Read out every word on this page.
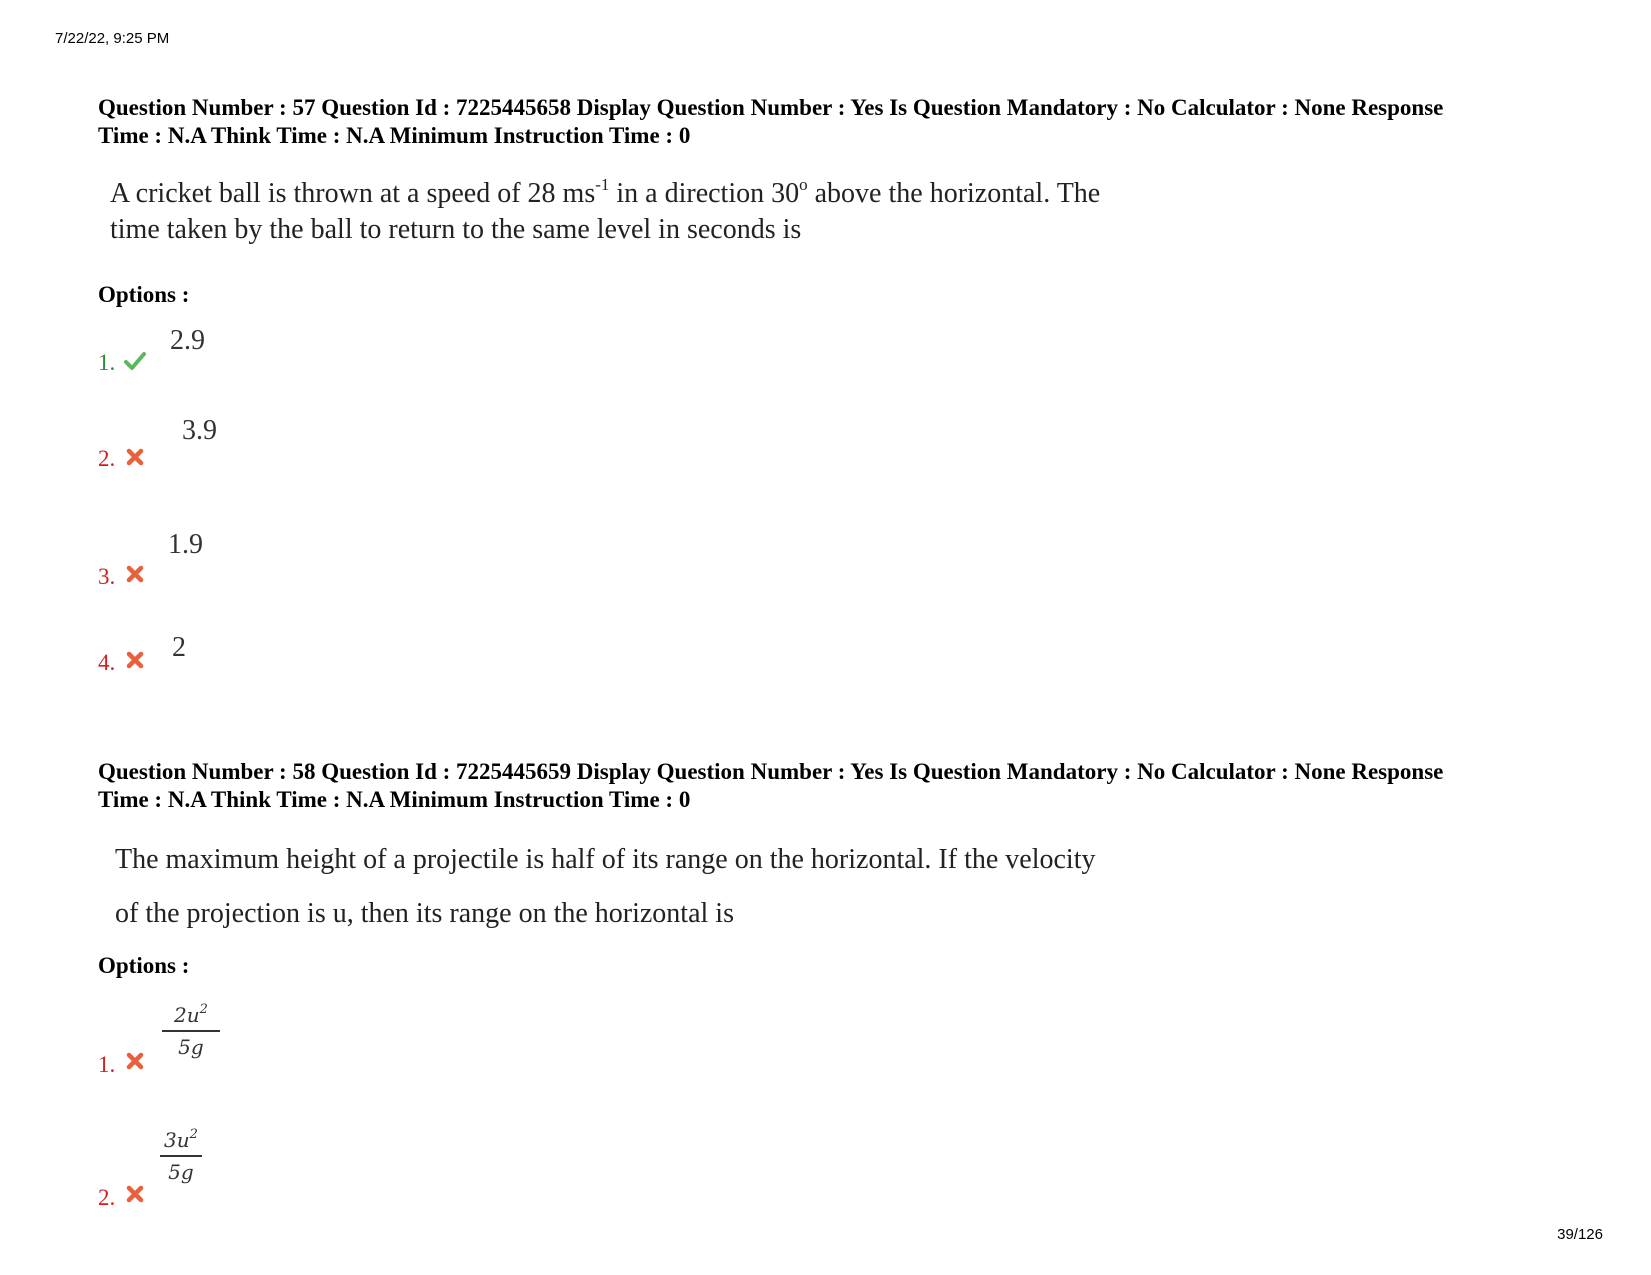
7/22/22, 9:25 PM
Question Number : 57 Question Id : 7225445658 Display Question Number : Yes Is Question Mandatory : No Calculator : None Response
Time : N.A Think Time : N.A Minimum Instruction Time : 0
A cricket ball is thrown at a speed of 28 $ms^{-1}$ in a direction 30$^o$ above the horizontal. The
time taken by the ball to return to the same level in seconds is
Options :
1.
2.9
2.
3.9
3.
1.9
4. 2
Question Number : 58 Question Id : 7225445659 Display Question Number : Yes Is Question Mandatory : No Calculator : None Response
Time : N.A Think Time : N.A Minimum Instruction Time : 0
The maximum height of a projectile is half of its range on the horizontal. If the velocity
of the projection is u, then its range on the horizontal is
Options :
1.
$2u^2$
5g
2.
$3u^2$
5g
39/126
